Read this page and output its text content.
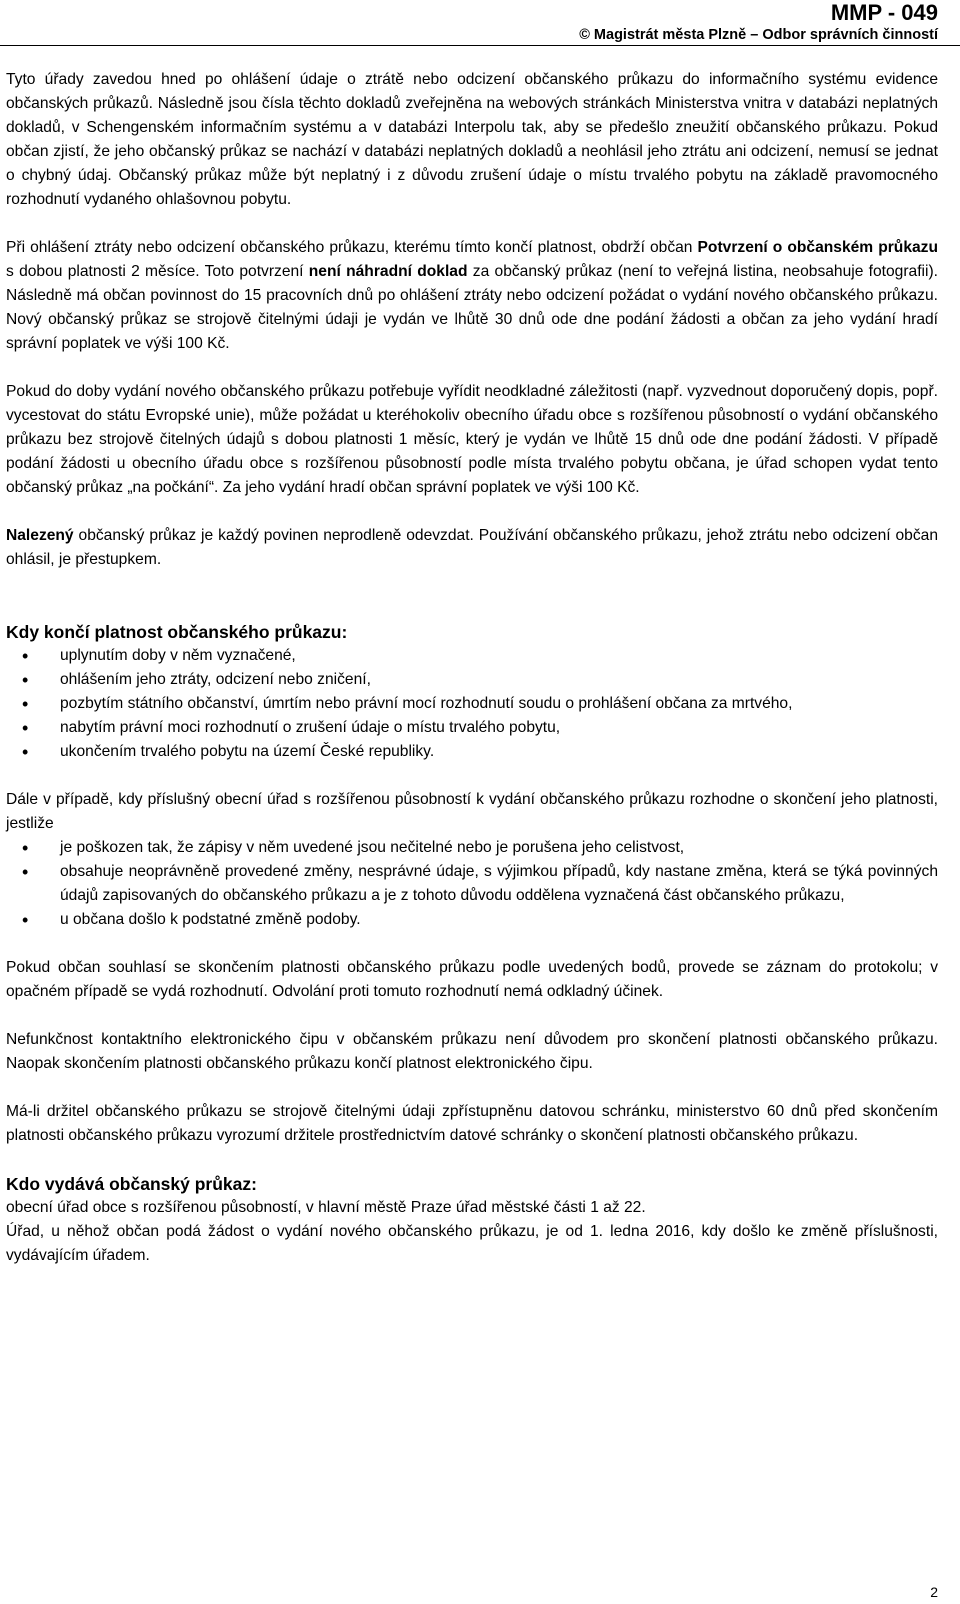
MMP - 049
© Magistrát města Plzně – Odbor správních činností

Tyto úřady zavedou hned po ohlášení údaje o ztrátě nebo odcizení občanského průkazu do informačního systému evidence občanských průkazů. Následně jsou čísla těchto dokladů zveřejněna na webových stránkách Ministerstva vnitra v databázi neplatných dokladů, v Schengenském informačním systému a v databázi Interpolu tak, aby se předešlo zneužití občanského průkazu. Pokud občan zjistí, že jeho občanský průkaz se nachází v databázi neplatných dokladů a neohlásil jeho ztrátu ani odcizení, nemusí se jednat o chybný údaj. Občanský průkaz může být neplatný i z důvodu zrušení údaje o místu trvalého pobytu na základě pravomocného rozhodnutí vydaného ohlašovnou pobytu.

Při ohlášení ztráty nebo odcizení občanského průkazu, kterému tímto končí platnost, obdrží občan Potvrzení o občanském průkazu s dobou platnosti 2 měsíce. Toto potvrzení není náhradní doklad za občanský průkaz (není to veřejná listina, neobsahuje fotografii). Následně má občan povinnost do 15 pracovních dnů po ohlášení ztráty nebo odcizení požádat o vydání nového občanského průkazu. Nový občanský průkaz se strojově čitelnými údaji je vydán ve lhůtě 30 dnů ode dne podání žádosti a občan za jeho vydání hradí správní poplatek ve výši 100 Kč.

Pokud do doby vydání nového občanského průkazu potřebuje vyřídit neodkladné záležitosti (např. vyzvednout doporučený dopis, popř. vycestovat do státu Evropské unie), může požádat u kteréhokoliv obecního úřadu obce s rozšířenou působností o vydání občanského průkazu bez strojově čitelných údajů s dobou platnosti 1 měsíc, který je vydán ve lhůtě 15 dnů ode dne podání žádosti. V případě podání žádosti u obecního úřadu obce s rozšířenou působností podle místa trvalého pobytu občana, je úřad schopen vydat tento občanský průkaz „na počkání“. Za jeho vydání hradí občan správní poplatek ve výši 100 Kč.

Nalezený občanský průkaz je každý povinen neprodleně odevzdat. Používání občanského průkazu, jehož ztrátu nebo odcizení občan ohlásil, je přestupkem.

Kdy končí platnost občanského průkazu:

• uplynutím doby v něm vyznačené,
• ohlášením jeho ztráty, odcizení nebo zničení,
• pozbytím státního občanství, úmrtím nebo právní mocí rozhodnutí soudu o prohlášení občana za mrtvého,
• nabytím právní moci rozhodnutí o zrušení údaje o místu trvalého pobytu,
• ukončením trvalého pobytu na území České republiky.

Dále v případě, kdy příslušný obecní úřad s rozšířenou působností k vydání občanského průkazu rozhodne o skončení jeho platnosti, jestliže

• je poškozen tak, že zápisy v něm uvedené jsou nečitelné nebo je porušena jeho celistvost,
• obsahuje neoprávněně provedené změny, nesprávné údaje, s výjimkou případů, kdy nastane změna, která se týká povinných údajů zapisovaných do občanského průkazu a je z tohoto důvodu oddělena vyznačená část občanského průkazu,
• u občana došlo k podstatné změně podoby.

Pokud občan souhlasí se skončením platnosti občanského průkazu podle uvedených bodů, provede se záznam do protokolu; v opačném případě se vydá rozhodnutí. Odvolání proti tomuto rozhodnutí nemá odkladný účinek.

Nefunkčnost kontaktního elektronického čipu v občanském průkazu není důvodem pro skončení platnosti občanského průkazu. Naopak skončením platnosti občanského průkazu končí platnost elektronického čipu.

Má-li držitel občanského průkazu se strojově čitelnými údaji zpřístupněnu datovou schránku, ministerstvo 60 dnů před skončením platnosti občanského průkazu vyrozumí držitele prostřednictvím datové schránky o skončení platnosti občanského průkazu.

Kdo vydává občanský průkaz:

obecní úřad obce s rozšířenou působností, v hlavní městě Praze úřad městské části 1 až 22.

Úřad, u něhož občan podá žádost o vydání nového občanského průkazu, je od 1. ledna 2016, kdy došlo ke změně příslušnosti, vydávajícím úřadem.

2
